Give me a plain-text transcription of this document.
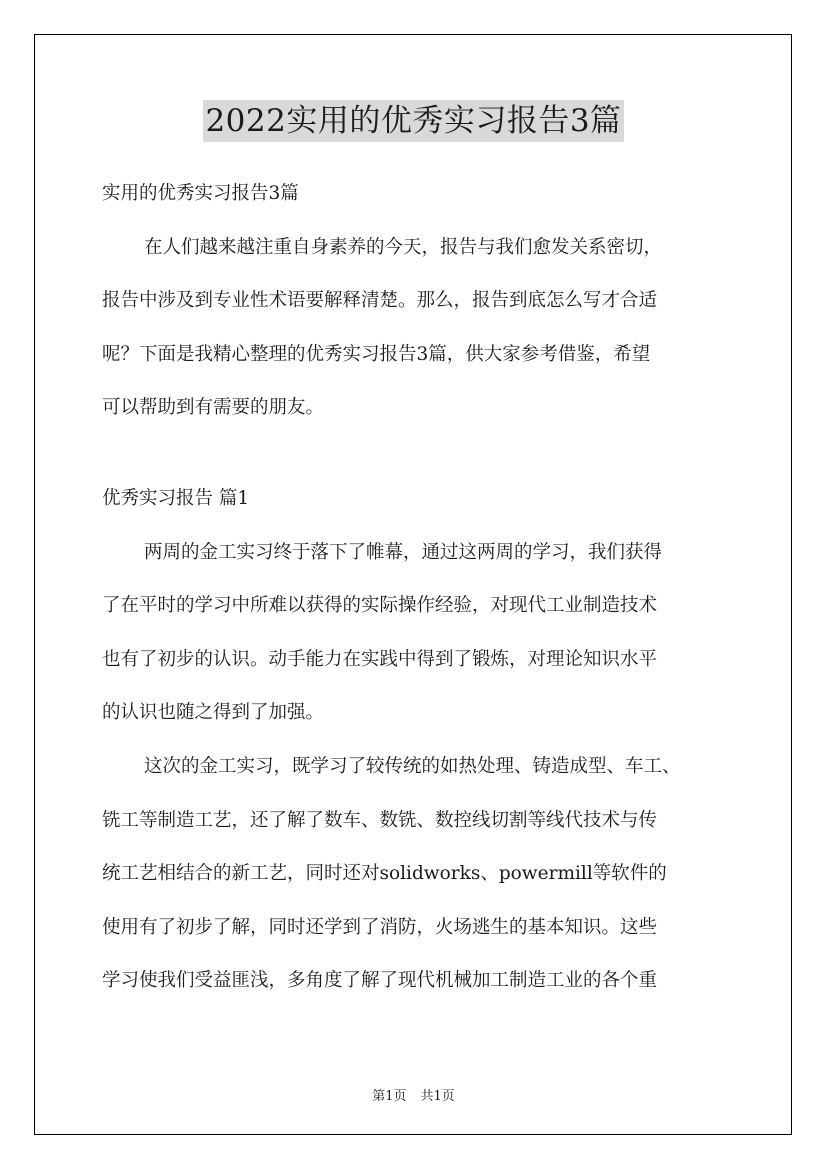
2022实用的优秀实习报告3篇
实用的优秀实习报告3篇
在人们越来越注重自身素养的今天，报告与我们愈发关系密切，
报告中涉及到专业性术语要解释清楚。那么，报告到底怎么写才合适
呢？下面是我精心整理的优秀实习报告3篇，供大家参考借鉴，希望
可以帮助到有需要的朋友。
优秀实习报告 篇1
两周的金工实习终于落下了帷幕，通过这两周的学习，我们获得
了在平时的学习中所难以获得的实际操作经验，对现代工业制造技术
也有了初步的认识。动手能力在实践中得到了锻炼，对理论知识水平
的认识也随之得到了加强。
这次的金工实习，既学习了较传统的如热处理、铸造成型、车工、
铣工等制造工艺，还了解了数车、数铣、数控线切割等线代技术与传
统工艺相结合的新工艺，同时还对solidworks、powermill等软件的
使用有了初步了解，同时还学到了消防，火场逃生的基本知识。这些
学习使我们受益匪浅，多角度了解了现代机械加工制造工业的各个重
第1页 共1页
